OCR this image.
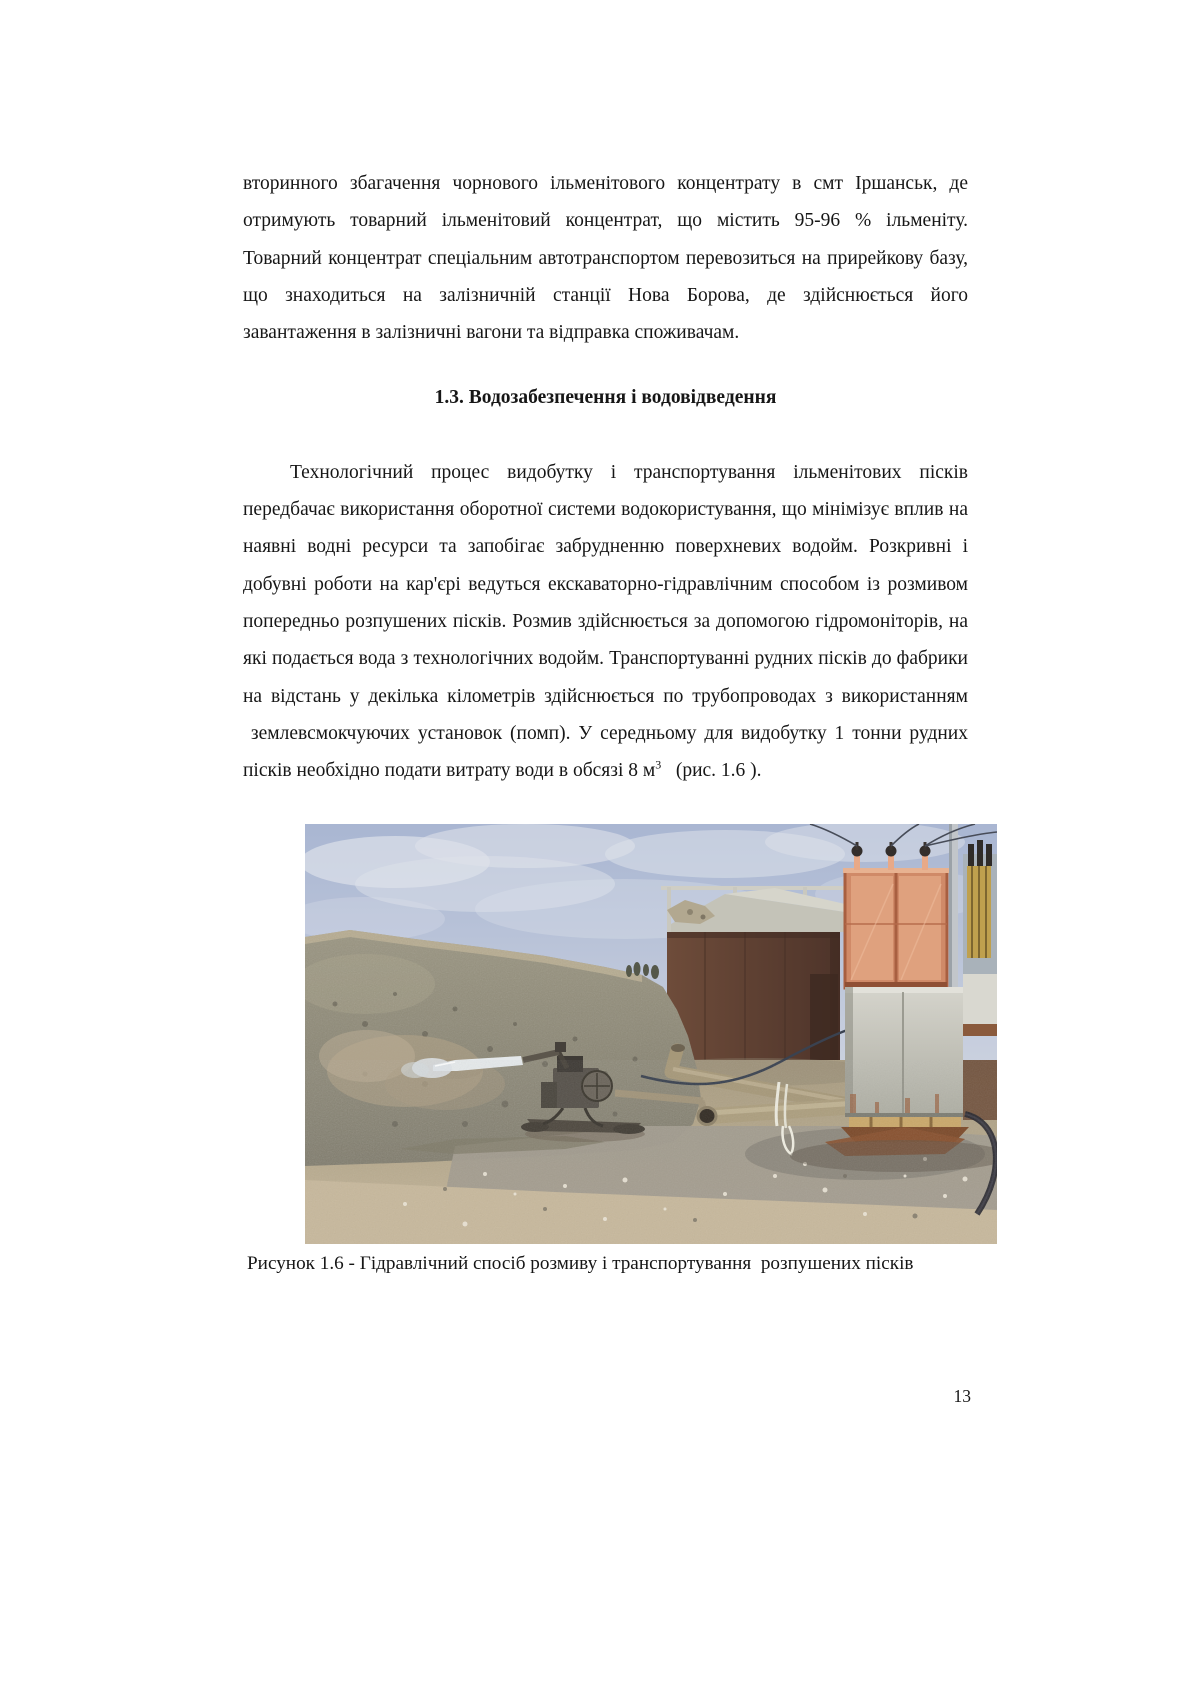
вторинного збагачення чорнового ільменітового концентрату в смт Іршанськ, де отримують товарний ільменітовий концентрат, що містить 95-96 % ільменіту. Товарний концентрат спеціальним автотранспортом перевозиться на прирейкову базу, що знаходиться на залізничній станції Нова Борова, де здійснюється його завантаження в залізничні вагони та відправка споживачам.

1.3. Водозабезпечення і водовідведення

Технологічний процес видобутку і транспортування ільменітових пісків передбачає використання оборотної системи водокористування, що мінімізує вплив на наявні водні ресурси та запобігає забрудненню поверхневих водойм. Розкривні і добувні роботи на кар'єрі ведуться екскаваторно-гідравлічним способом із розмивом попередньо розпушених пісків. Розмив здійснюється за допомогою гідромоніторів, на які подається вода з технологічних водойм. Транспортуванні рудних пісків до фабрики на відстань у декілька кілометрів здійснюється по трубопроводах з використанням  землевсмокчуючих установок (помп). У середньому для видобутку 1 тонни рудних пісків необхідно подати витрату води в обсязі 8 $м^3$   (рис. 1.6 ).

Рисунок 1.6 - Гідравлічний спосіб розмиву і транспортування  розпушених пісків
13
